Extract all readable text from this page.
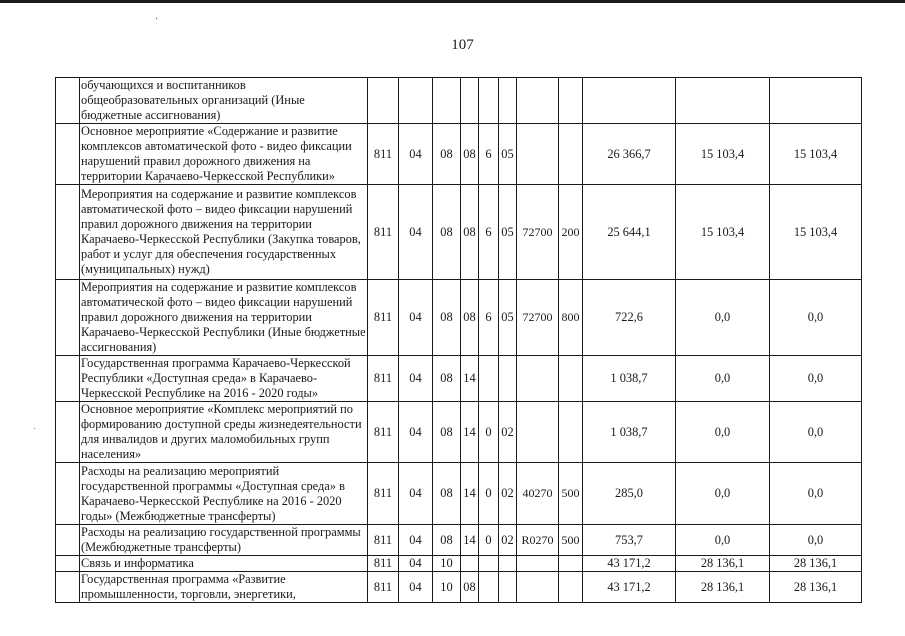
‘
·
107
	обучающихся и воспитанников общеобразовательных организаций (Иные бюджетные ассигнования)											
	Основное мероприятие «Содержание и развитие комплексов автоматической фото - видео фиксации нарушений правил дорожного движения на территории Карачаево-Черкесской Республики»	811	04	08	08	6	05			26 366,7	15 103,4	15 103,4
	Мероприятия на содержание и развитие комплексов автоматической фото – видео фиксации нарушений правил дорожного движения на территории Карачаево-Черкесской Республики (Закупка товаров, работ и услуг для обеспечения государственных (муниципальных) нужд)	811	04	08	08	6	05	72700	200	25 644,1	15 103,4	15 103,4
	Мероприятия на содержание и развитие комплексов автоматической фото – видео фиксации нарушений правил дорожного движения на территории Карачаево-Черкесской Республики (Иные бюджетные ассигнования)	811	04	08	08	6	05	72700	800	722,6	0,0	0,0
	Государственная программа Карачаево-Черкесской Республики «Доступная среда» в Карачаево-Черкесской Республике на 2016 - 2020 годы»	811	04	08	14					1 038,7	0,0	0,0
	Основное мероприятие «Комплекс мероприятий по формированию доступной среды жизнедеятельности для инвалидов и других маломобильных групп населения»	811	04	08	14	0	02			1 038,7	0,0	0,0
	Расходы на реализацию мероприятий государственной программы «Доступная среда» в Карачаево-Черкесской Республике на 2016 - 2020 годы» (Межбюджетные трансферты)	811	04	08	14	0	02	40270	500	285,0	0,0	0,0
	Расходы на реализацию государственной программы (Межбюджетные трансферты)	811	04	08	14	0	02	R0270	500	753,7	0,0	0,0
	Связь и информатика	811	04	10						43 171,2	28 136,1	28 136,1
	Государственная программа «Развитие промышленности, торговли, энергетики,	811	04	10	08					43 171,2	28 136,1	28 136,1
